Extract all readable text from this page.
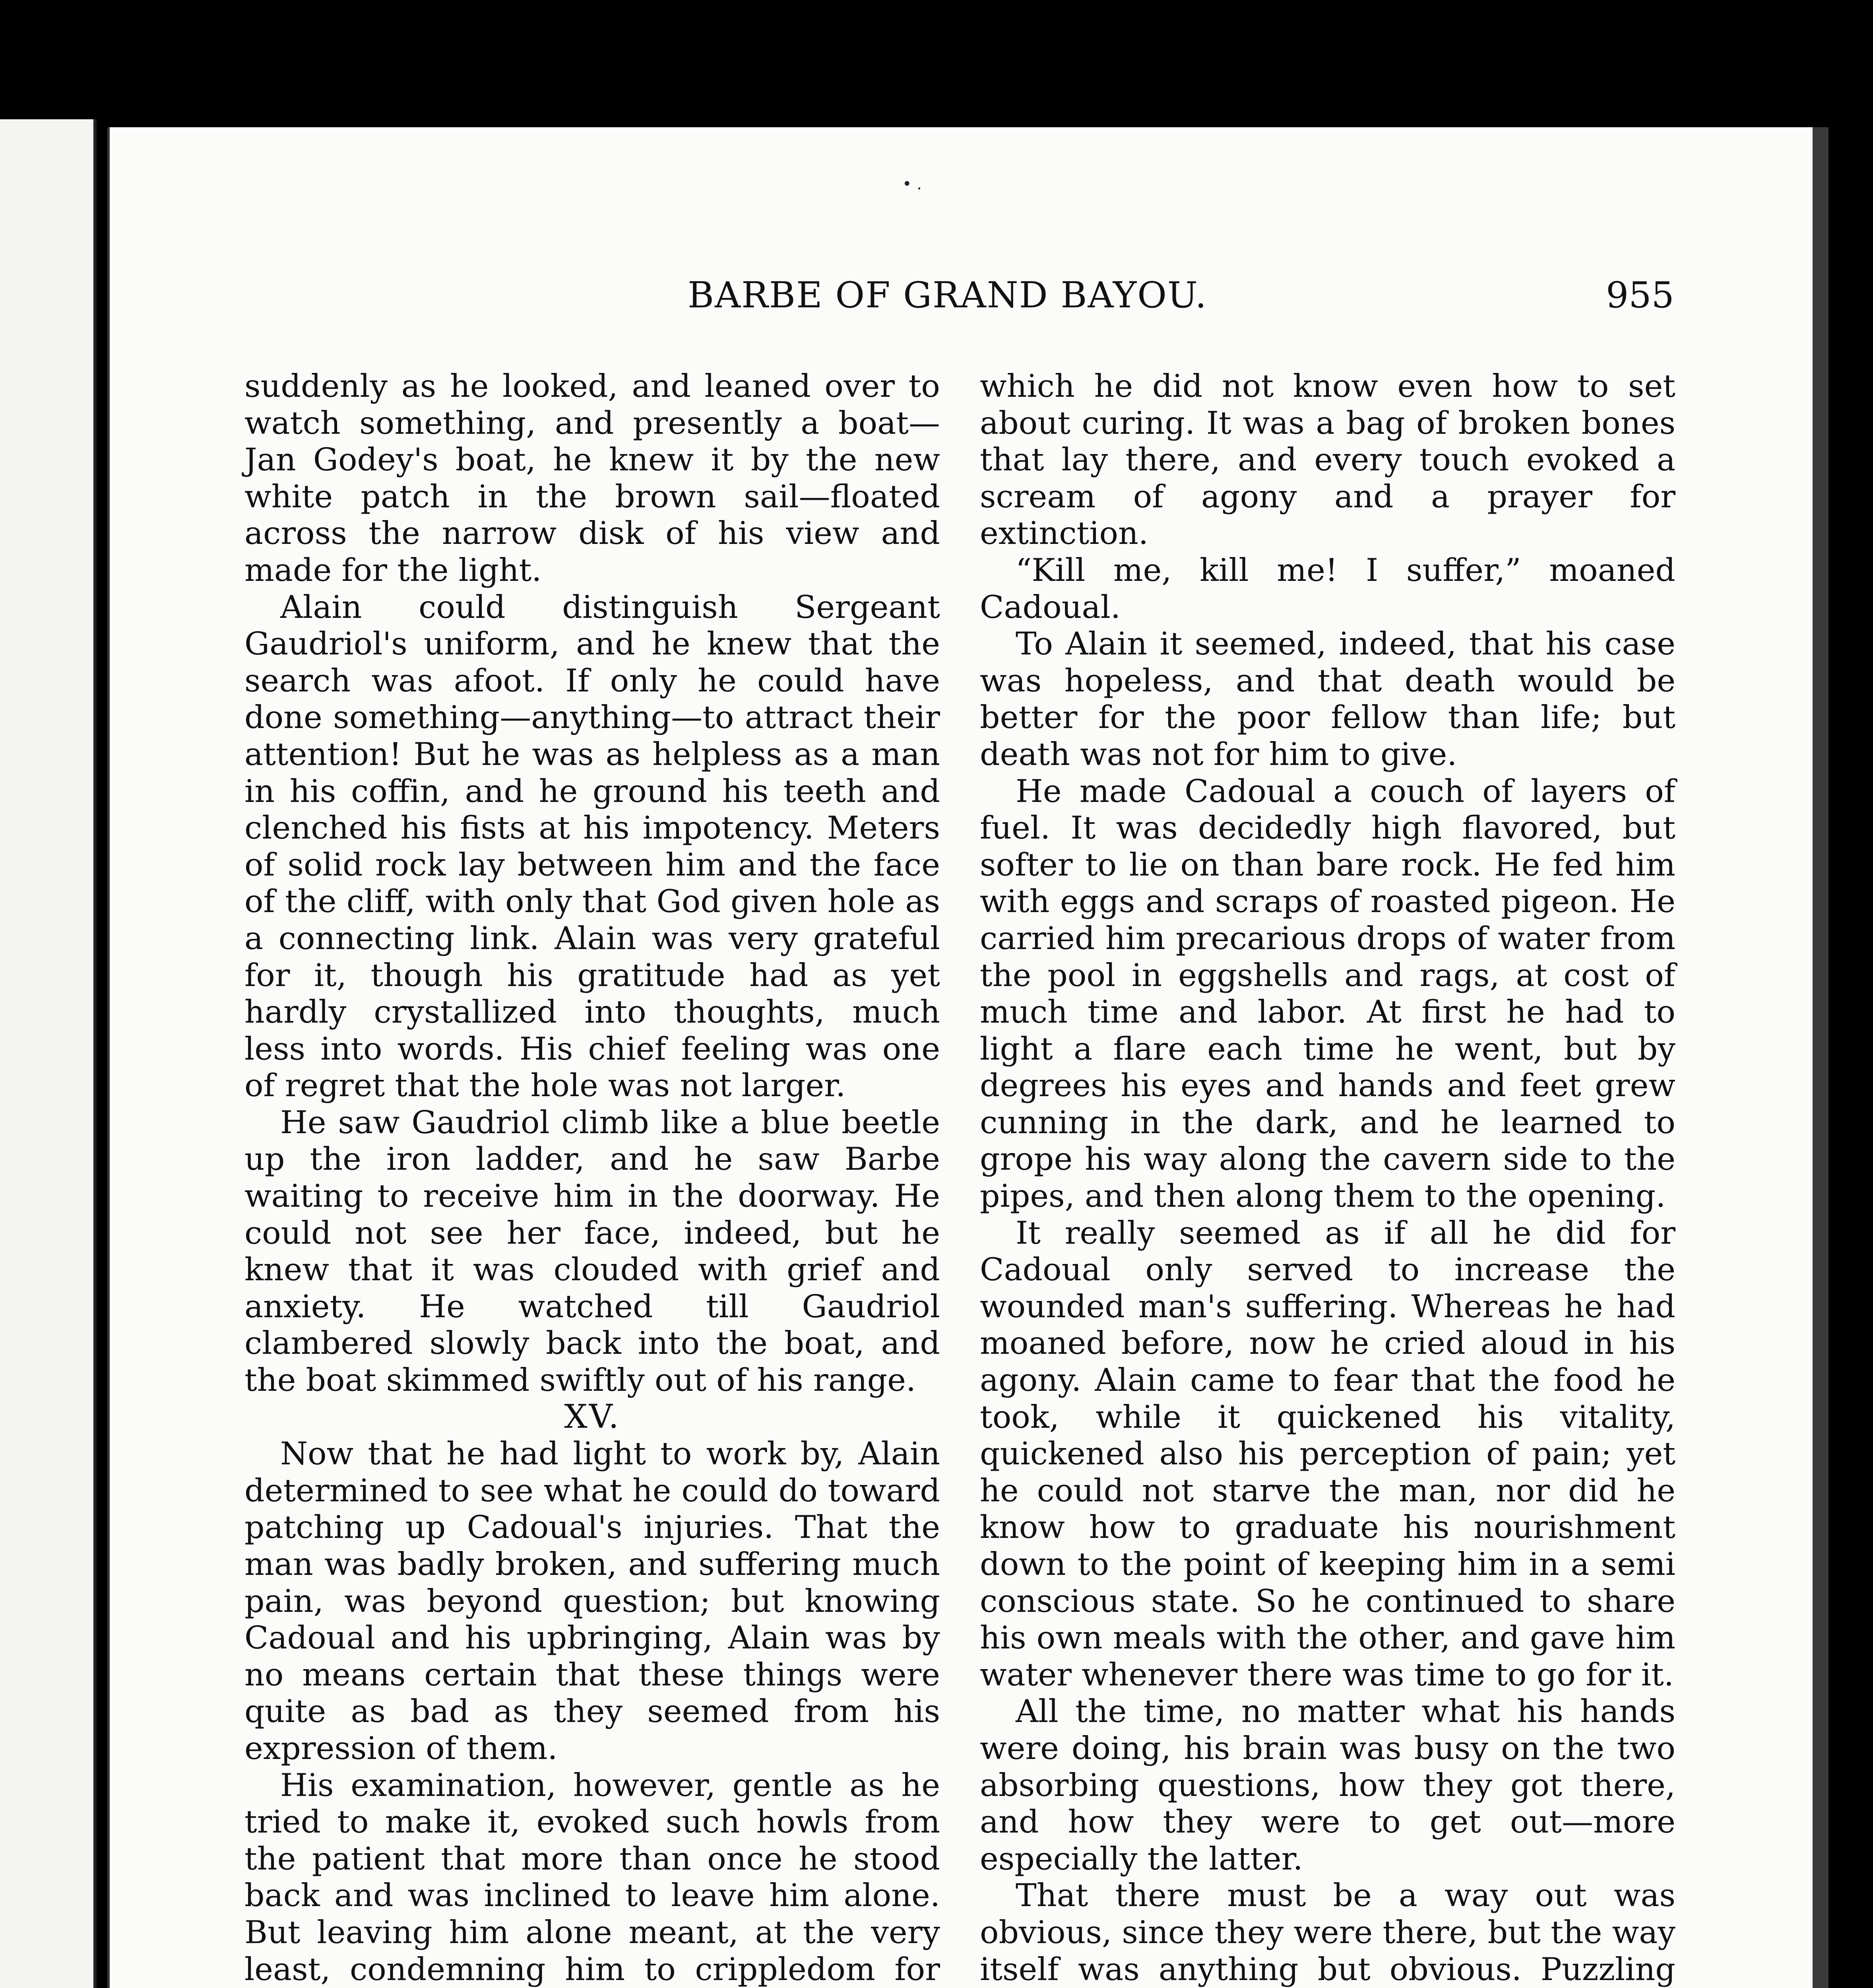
• .
BARBE OF GRAND BAYOU.	955

suddenly as he looked, and leaned over to watch something, and presently a boat—Jan Godey's boat, he knew it by the new white patch in the brown sail—floated across the narrow disk of his view and made for the light.

Alain could distinguish Sergeant Gaudriol's uniform, and he knew that the search was afoot. If only he could have done something—anything—to attract their attention! But he was as helpless as a man in his coffin, and he ground his teeth and clenched his fists at his impotency. Meters of solid rock lay between him and the face of the cliff, with only that God given hole as a connecting link. Alain was very grateful for it, though his gratitude had as yet hardly crystallized into thoughts, much less into words. His chief feeling was one of regret that the hole was not larger.

He saw Gaudriol climb like a blue beetle up the iron ladder, and he saw Barbe waiting to receive him in the doorway. He could not see her face, indeed, but he knew that it was clouded with grief and anxiety. He watched till Gaudriol clambered slowly back into the boat, and the boat skimmed swiftly out of his range.

XV.

Now that he had light to work by, Alain determined to see what he could do toward patching up Cadoual's injuries. That the man was badly broken, and suffering much pain, was beyond question; but knowing Cadoual and his upbringing, Alain was by no means certain that these things were quite as bad as they seemed from his expression of them.

His examination, however, gentle as he tried to make it, evoked such howls from the patient that more than once he stood back and was inclined to leave him alone. But leaving him alone meant, at the very least, condemning him to crippledom for

which he did not know even how to set about curing. It was a bag of broken bones that lay there, and every touch evoked a scream of agony and a prayer for extinction.

“Kill me, kill me! I suffer,” moaned Cadoual.

To Alain it seemed, indeed, that his case was hopeless, and that death would be better for the poor fellow than life; but death was not for him to give.

He made Cadoual a couch of layers of fuel. It was decidedly high flavored, but softer to lie on than bare rock. He fed him with eggs and scraps of roasted pigeon. He carried him precarious drops of water from the pool in eggshells and rags, at cost of much time and labor. At first he had to light a flare each time he went, but by degrees his eyes and hands and feet grew cunning in the dark, and he learned to grope his way along the cavern side to the pipes, and then along them to the opening.

It really seemed as if all he did for Cadoual only served to increase the wounded man's suffering. Whereas he had moaned before, now he cried aloud in his agony. Alain came to fear that the food he took, while it quickened his vitality, quickened also his perception of pain; yet he could not starve the man, nor did he know how to graduate his nourishment down to the point of keeping him in a semi conscious state. So he continued to share his own meals with the other, and gave him water whenever there was time to go for it.

All the time, no matter what his hands were doing, his brain was busy on the two absorbing questions, how they got there, and how they were to get out—more especially the latter.

That there must be a way out was obvious, since they were there, but the way itself was anything but obvious. Puzzling
